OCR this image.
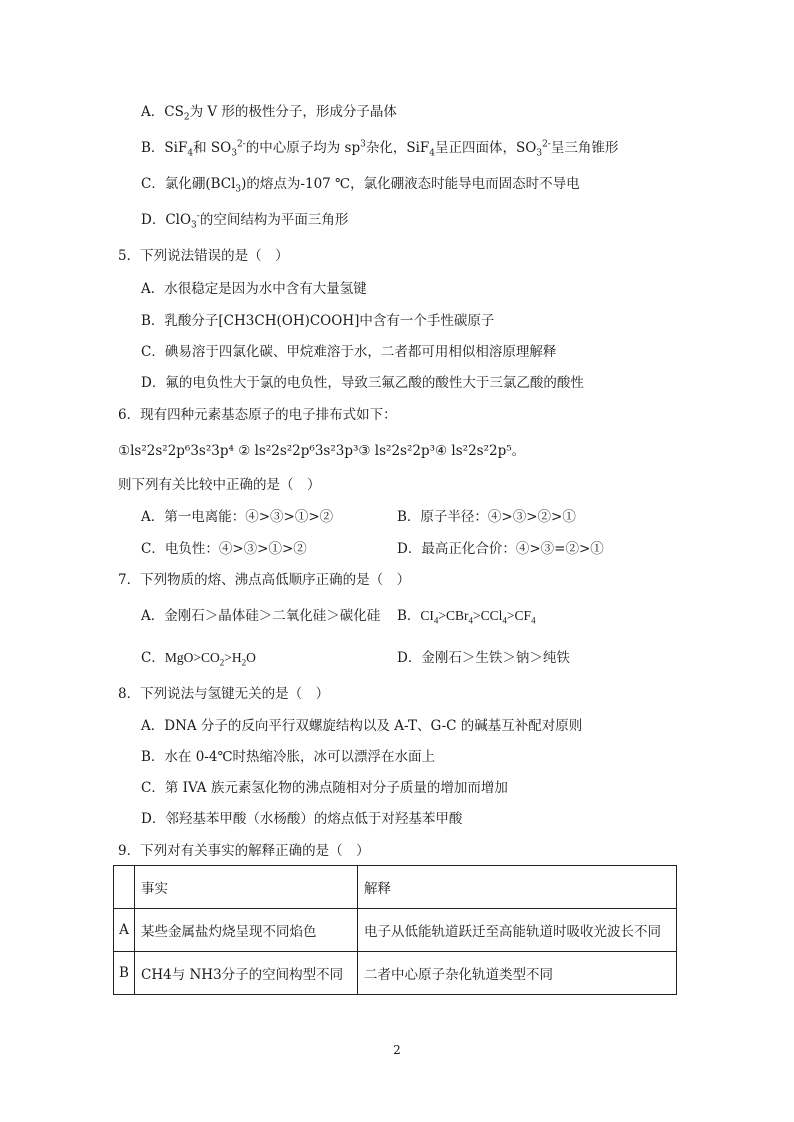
A．$CS_2$为 V 形的极性分子，形成分子晶体
B．SiF$_4$和 $SO_3^{2-}$的中心原子均为 $sp^3$杂化，SiF$_4$呈正四面体，$SO_3^{2-}$呈三角锥形
C．氯化硼(BCl$_3$)的熔点为-107 ℃，氯化硼液态时能导电而固态时不导电
D．ClO$_3$-的空间结构为平面三角形
5．下列说法错误的是（　）
A．水很稳定是因为水中含有大量氢键
B．乳酸分子[CH3CH(OH)COOH]中含有一个手性碳原子
C．碘易溶于四氯化碳、甲烷难溶于水，二者都可用相似相溶原理解释
D．氟的电负性大于氯的电负性，导致三氟乙酸的酸性大于三氯乙酸的酸性
6．现有四种元素基态原子的电子排布式如下：
①ls²2s²2p⁶3s²3p⁴ ② ls²2s²2p⁶3s²3p³③ ls²2s²2p³④ ls²2s²2p⁵。
则下列有关比较中正确的是（　）
A．第一电离能：④>③>①>②	B．原子半径：④>③>②>①
C．电负性：④>③>①>②	D．最高正化合价：④>③=②>①
7．下列物质的熔、沸点高低顺序正确的是（　）
A．金刚石＞晶体硅＞二氧化硅＞碳化硅 B．$CI_4>CBr_4>CCl_4>CF_4$
C．$MgO>CO_2>H_2O$	D．金刚石＞生铁＞钠＞纯铁
8．下列说法与氢键无关的是（　）
A．DNA 分子的反向平行双螺旋结构以及 A-T、G-C 的碱基互补配对原则
B．水在 0-4℃时热缩冷胀，冰可以漂浮在水面上
C．第 IVA 族元素氢化物的沸点随相对分子质量的增加而增加
D．邻羟基苯甲酸（水杨酸）的熔点低于对羟基苯甲酸
9．下列对有关事实的解释正确的是（　）
	事实	解释
A	某些金属盐灼烧呈现不同焰色	电子从低能轨道跃迁至高能轨道时吸收光波长不同
B	CH4与 NH3分子的空间构型不同	二者中心原子杂化轨道类型不同
2
